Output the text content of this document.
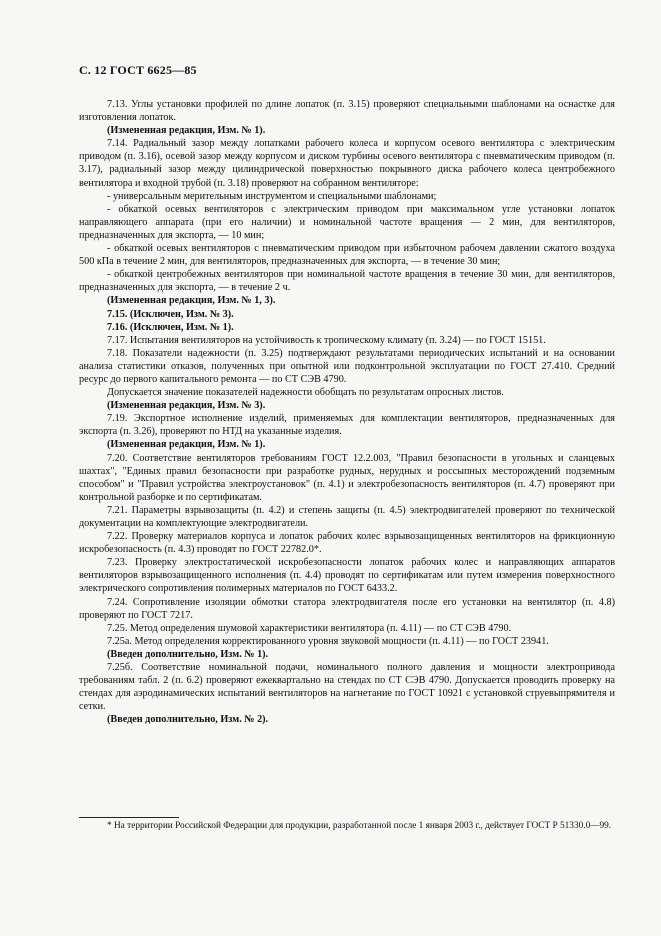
С. 12 ГОСТ 6625—85

7.13. Углы установки профилей по длине лопаток (п. 3.15) проверяют специальными шаблонами на оснастке для изготовления лопаток.

(Измененная редакция, Изм. № 1).

7.14. Радиальный зазор между лопатками рабочего колеса и корпусом осевого вентилятора с электрическим приводом (п. 3.16), осевой зазор между корпусом и диском турбины осевого вентилятора с пневматическим приводом (п. 3.17), радиальный зазор между цилиндрической поверхностью покрывного диска рабочего колеса центробежного вентилятора и входной трубой (п. 3.18) проверяют на собранном вентиляторе:

- универсальным мерительным инструментом и специальными шаблонами;

- обкаткой осевых вентиляторов с электрическим приводом при максимальном угле установки лопаток направляющего аппарата (при его наличии) и номинальной частоте вращения — 2 мин, для вентиляторов, предназначенных для экспорта, — 10 мин;

- обкаткой осевых вентиляторов с пневматическим приводом при избыточном рабочем давлении сжатого воздуха 500 кПа в течение 2 мин, для вентиляторов, предназначенных для экспорта, — в течение 30 мин;

- обкаткой центробежных вентиляторов при номинальной частоте вращения в течение 30 мин, для вентиляторов, предназначенных для экспорта, — в течение 2 ч.

(Измененная редакция, Изм. № 1, 3).

7.15. (Исключен, Изм. № 3).

7.16. (Исключен, Изм. № 1).

7.17. Испытания вентиляторов на устойчивость к тропическому климату (п. 3.24) — по ГОСТ 15151.

7.18. Показатели надежности (п. 3.25) подтверждают результатами периодических испытаний и на основании анализа статистики отказов, полученных при опытной или подконтрольной эксплуатации по ГОСТ 27.410. Средний ресурс до первого капитального ремонта — по СТ СЭВ 4790.

Допускается значение показателей надежности обобщать по результатам опросных листов.

(Измененная редакция, Изм. № 3).

7.19. Экспортное исполнение изделий, применяемых для комплектации вентиляторов, предназначенных для экспорта (п. 3.26), проверяют по НТД на указанные изделия.

(Измененная редакция, Изм. № 1).

7.20. Соответствие вентиляторов требованиям ГОСТ 12.2.003, "Правил безопасности в угольных и сланцевых шахтах", "Единых правил безопасности при разработке рудных, нерудных и россыпных месторождений подземным способом" и "Правил устройства электроустановок" (п. 4.1) и электробезопасность вентиляторов (п. 4.7) проверяют при контрольной разборке и по сертификатам.

7.21. Параметры взрывозащиты (п. 4.2) и степень защиты (п. 4.5) электродвигателей проверяют по технической документации на комплектующие электродвигатели.

7.22. Проверку материалов корпуса и лопаток рабочих колес взрывозащищенных вентиляторов на фрикционную искробезопасность (п. 4.3) проводят по ГОСТ 22782.0*.

7.23. Проверку электростатической искробезопасности лопаток рабочих колес и направляющих аппаратов вентиляторов взрывозащищенного исполнения (п. 4.4) проводят по сертификатам или путем измерения поверхностного электрического сопротивления полимерных материалов по ГОСТ 6433.2.

7.24. Сопротивление изоляции обмотки статора электродвигателя после его установки на вентилятор (п. 4.8) проверяют по ГОСТ 7217.

7.25. Метод определения шумовой характеристики вентилятора (п. 4.11) — по СТ СЭВ 4790.

7.25а. Метод определения корректированного уровня звуковой мощности (п. 4.11) — по ГОСТ 23941.

(Введен дополнительно, Изм. № 1).

7.25б. Соответствие номинальной подачи, номинального полного давления и мощности электропривода требованиям табл. 2 (п. 6.2) проверяют ежеквартально на стендах по СТ СЭВ 4790. Допускается проводить проверку на стендах для аэродинамических испытаний вентиляторов на нагнетание по ГОСТ 10921 с установкой струевыпрямителя и сетки.

(Введен дополнительно, Изм. № 2).

* На территории Российской Федерации для продукции, разработанной после 1 января 2003 г., действует ГОСТ Р 51330.0—99.
